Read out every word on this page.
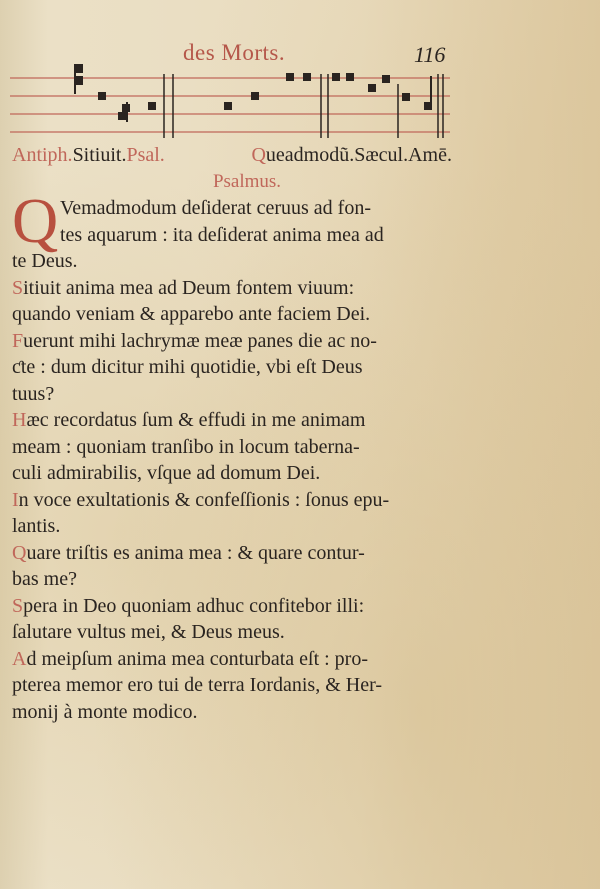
des Morts.	116
Antiph.Sitiuit.Psal.	Queadmodũ.Sæcul.Amē.
Psalmus.
Q Vemadmodum deſiderat ceruus ad fon-
tes aquarum : ita deſiderat anima mea ad
te Deus.
Sitiuit anima mea ad Deum fontem viuum:
quando veniam & apparebo ante faciem Dei.
Fuerunt mihi lachrymæ meæ panes die ac no-
ƈte : dum dicitur mihi quotidie, vbi eſt Deus
tuus?
Hæc recordatus ſum & effudi in me animam
meam : quoniam tranſibo in locum taberna-
culi admirabilis, vſque ad domum Dei.
In voce exultationis & confeſſionis : ſonus epu-
lantis.
Quare triſtis es anima mea : & quare contur-
bas me?
Spera in Deo quoniam adhuc confitebor illi:
ſalutare vultus mei, & Deus meus.
Ad meipſum anima mea conturbata eſt : pro-
pterea memor ero tui de terra Iordanis, & Her-
monij à monte modico.
